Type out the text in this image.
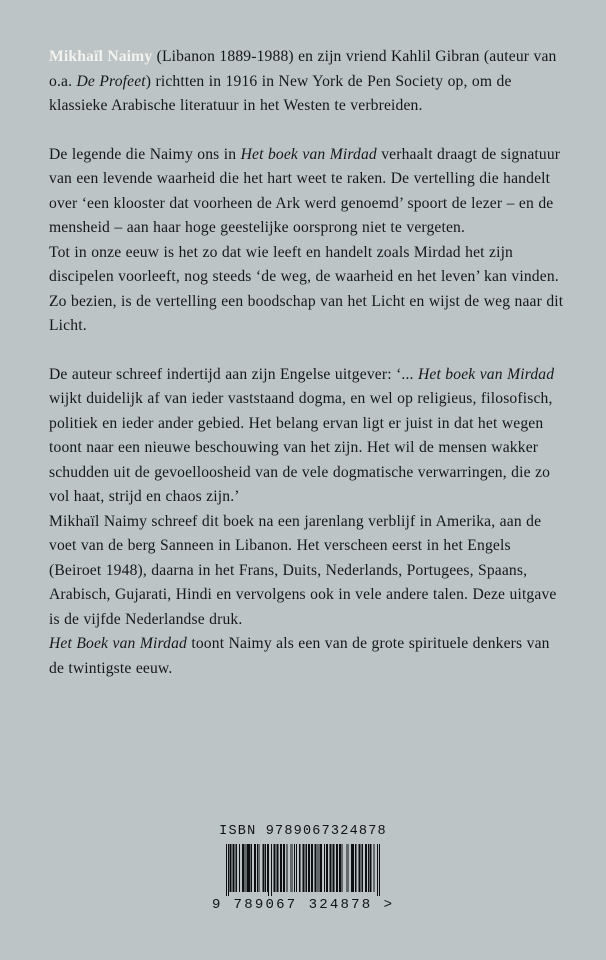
Mikhaïl Naimy (Libanon 1889-1988) en zijn vriend Kahlil Gibran (auteur van o.a. De Profeet) richtten in 1916 in New York de Pen Society op, om de klassieke Arabische literatuur in het Westen te verbreiden.

De legende die Naimy ons in Het boek van Mirdad verhaalt draagt de signatuur van een levende waarheid die het hart weet te raken. De vertelling die handelt over ‘een klooster dat voorheen de Ark werd genoemd’ spoort de lezer – en de mensheid – aan haar hoge geestelijke oorsprong niet te vergeten.
Tot in onze eeuw is het zo dat wie leeft en handelt zoals Mirdad het zijn discipelen voorleeft, nog steeds ‘de weg, de waarheid en het leven’ kan vinden. Zo bezien, is de vertelling een boodschap van het Licht en wijst de weg naar dit Licht.

De auteur schreef indertijd aan zijn Engelse uitgever: ‘... Het boek van Mirdad wijkt duidelijk af van ieder vaststaand dogma, en wel op religieus, filosofisch, politiek en ieder ander gebied. Het belang ervan ligt er juist in dat het wegen toont naar een nieuwe beschouwing van het zijn. Het wil de mensen wakker schudden uit de gevoelloosheid van de vele dogmatische verwarringen, die zo vol haat, strijd en chaos zijn.’
Mikhaïl Naimy schreef dit boek na een jarenlang verblijf in Amerika, aan de voet van de berg Sanneen in Libanon. Het verscheen eerst in het Engels (Beiroet 1948), daarna in het Frans, Duits, Nederlands, Portugees, Spaans, Arabisch, Gujarati, Hindi en vervolgens ook in vele andere talen. Deze uitgave is de vijfde Nederlandse druk.
Het Boek van Mirdad toont Naimy als een van de grote spirituele denkers van de twintigste eeuw.

ISBN 9789067324878
9 789067 324878 >
